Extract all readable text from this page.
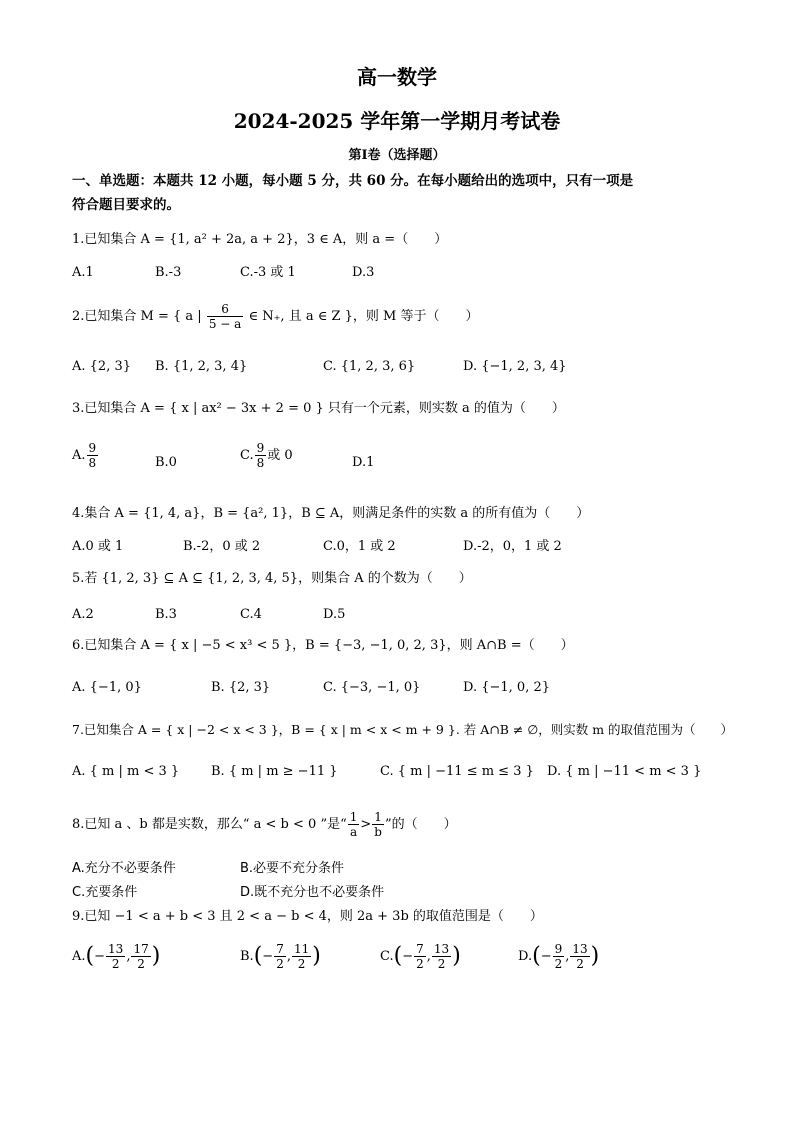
高一数学
2024-2025 学年第一学期月考试卷
第Ⅰ卷（选择题）
一、单选题：本题共 12 小题，每小题 5 分，共 60 分。在每小题给出的选项中，只有一项是
符合题目要求的。
1.已知集合 A = {1, a² + 2a, a + 2}，3 ∈ A，则 a =（　　）
A.1	B.-3	C.-3 或 1	D.3
2.已知集合 M = { a | $\frac{6}{5 - a}$ ∈ N₊, 且 a ∈ Z }，则 M 等于（　　）
A. {2, 3} B. {1, 2, 3, 4}	C. {1, 2, 3, 6}	D. {−1, 2, 3, 4}
3.已知集合 A = { x | ax² − 3x + 2 = 0 } 只有一个元素，则实数 a 的值为（　　）
A. $\frac{9}{8}$	B.0	C. $\frac{9}{8}$ 或 0	D.1
4.集合 A = {1, 4, a}，B = {a², 1}，B ⊆ A，则满足条件的实数 a 的所有值为（　　）
A.0 或 1	B.-2，0 或 2	C.0，1 或 2	D.-2，0，1 或 2
5.若 {1, 2, 3} ⊆ A ⊆ {1, 2, 3, 4, 5}，则集合 A 的个数为（　　）
A.2	B.3	C.4	D.5
6.已知集合 A = { x | −5 < x³ < 5 }，B = {−3, −1, 0, 2, 3}，则 A∩B =（　　）
A. {−1, 0}	B. {2, 3}	C. {−3, −1, 0}	D. {−1, 0, 2}
7.已知集合 A = { x | −2 < x < 3 }，B = { x | m < x < m + 9 }. 若 A∩B ≠ ∅，则实数 m 的取值范围为（　　）
A. { m | m < 3 } B. { m | m ≥ −11 }	C. { m | −11 ≤ m ≤ 3 } D. { m | −11 < m < 3 }
8.已知 a 、b 都是实数，那么“ a < b < 0 ”是“ $\frac{1}{a} > \frac{1}{b}$ ”的（　　）
A.充分不必要条件	B.必要不充分条件
C.充要条件	D.既不充分也不必要条件
9.已知 −1 < a + b < 3 且 2 < a − b < 4，则 2a + 3b 的取值范围是（　　）
$A.(- \frac{13}{2}$ , $\frac{17}{2}$ )	$B.(- \frac{7}{2}$ , $\frac{11}{2}$ )	$C.(- \frac{7}{2}$ , $\frac{13}{2}$ )	$D.(- \frac{9}{2}$ , $\frac{13}{2}$ )
